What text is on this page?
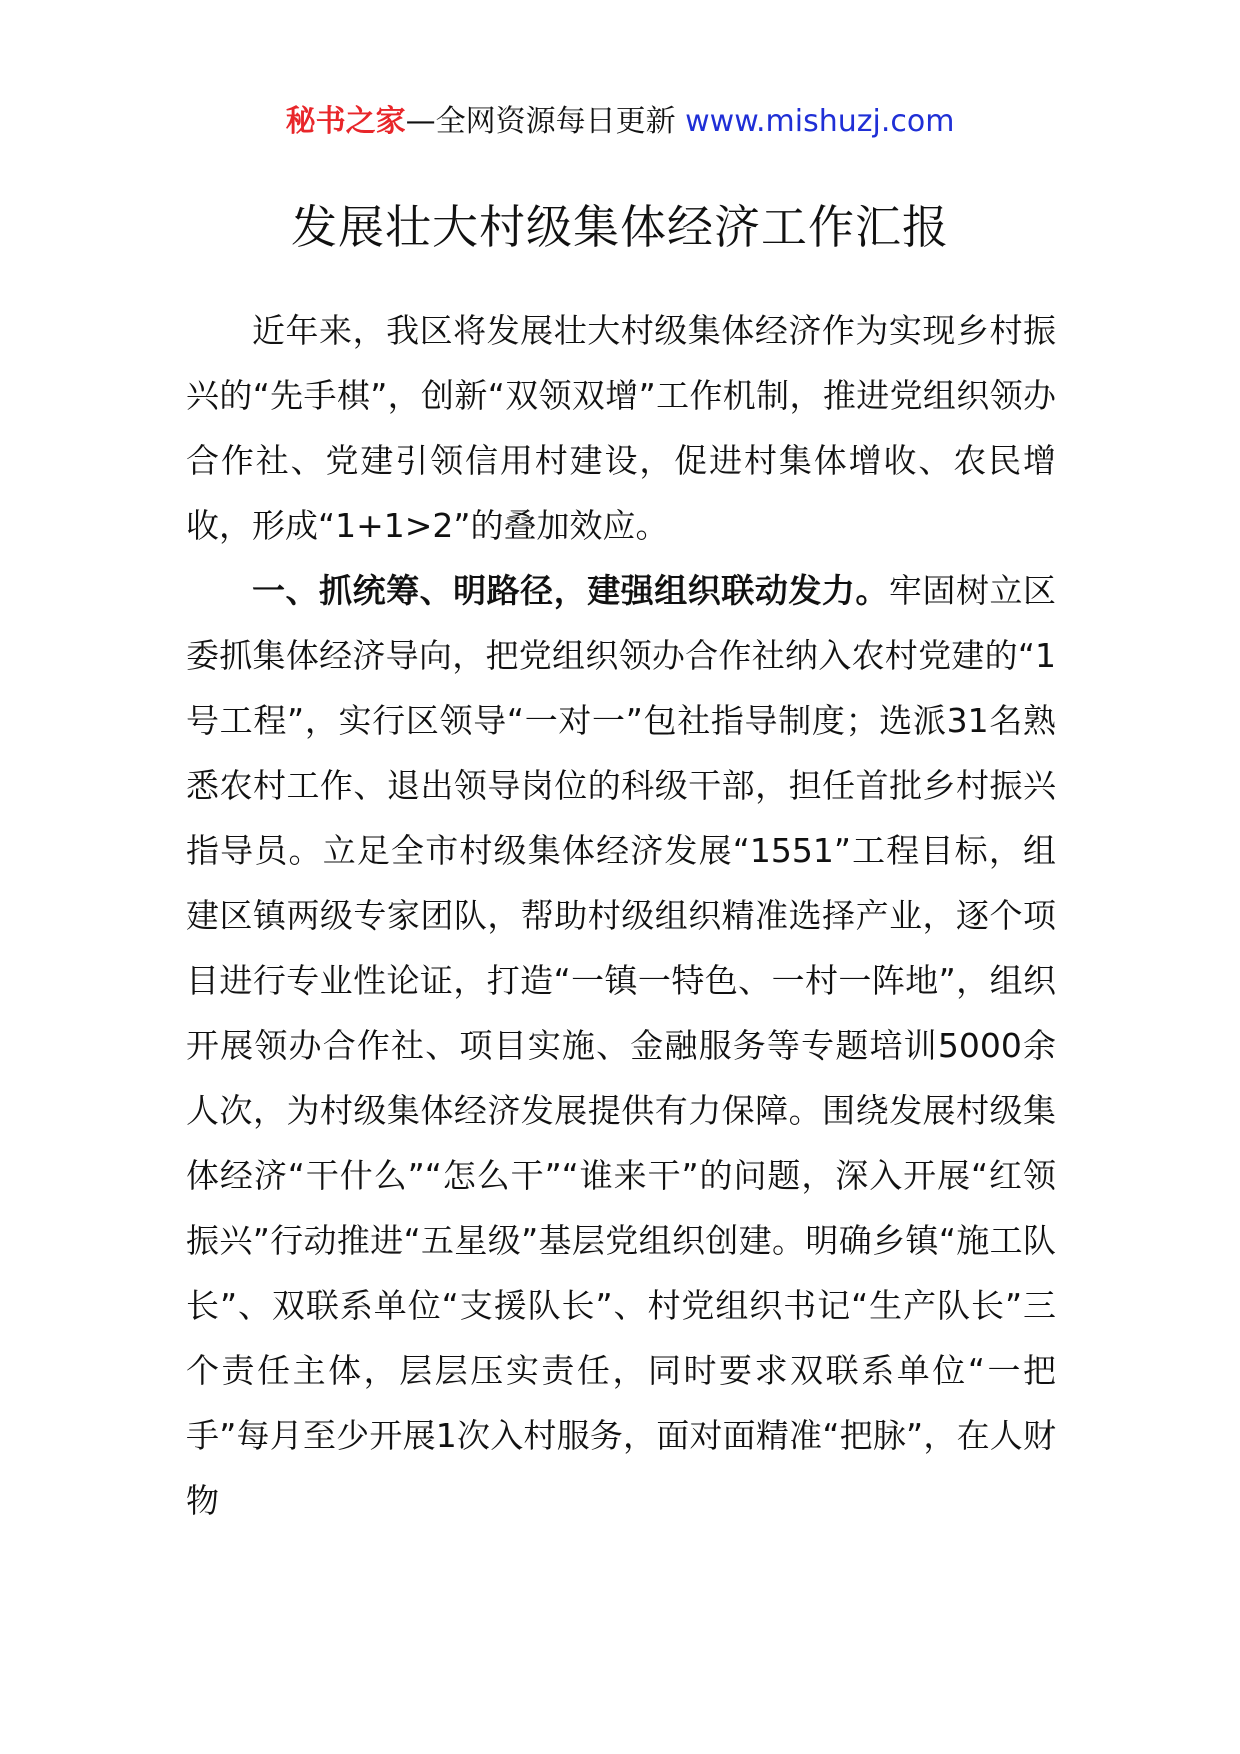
秘书之家—全网资源每日更新 www.mishuzj.com
发展壮大村级集体经济工作汇报

近年来，我区将发展壮大村级集体经济作为实现乡村振兴的“先手棋”，创新“双领双增”工作机制，推进党组织领办合作社、党建引领信用村建设，促进村集体增收、农民增收，形成“1+1>2”的叠加效应。

一、抓统筹、明路径，建强组织联动发力。牢固树立区委抓集体经济导向，把党组织领办合作社纳入农村党建的“1号工程”，实行区领导“一对一”包社指导制度；选派31名熟悉农村工作、退出领导岗位的科级干部，担任首批乡村振兴指导员。立足全市村级集体经济发展“1551”工程目标，组建区镇两级专家团队，帮助村级组织精准选择产业，逐个项目进行专业性论证，打造“一镇一特色、一村一阵地”，组织开展领办合作社、项目实施、金融服务等专题培训5000余人次，为村级集体经济发展提供有力保障。围绕发展村级集体经济“干什么”“怎么干”“谁来干”的问题，深入开展“红领振兴”行动推进“五星级”基层党组织创建。明确乡镇“施工队长”、双联系单位“支援队长”、村党组织书记“生产队长”三个责任主体，层层压实责任，同时要求双联系单位“一把手”每月至少开展1次入村服务，面对面精准“把脉”，在人财物
